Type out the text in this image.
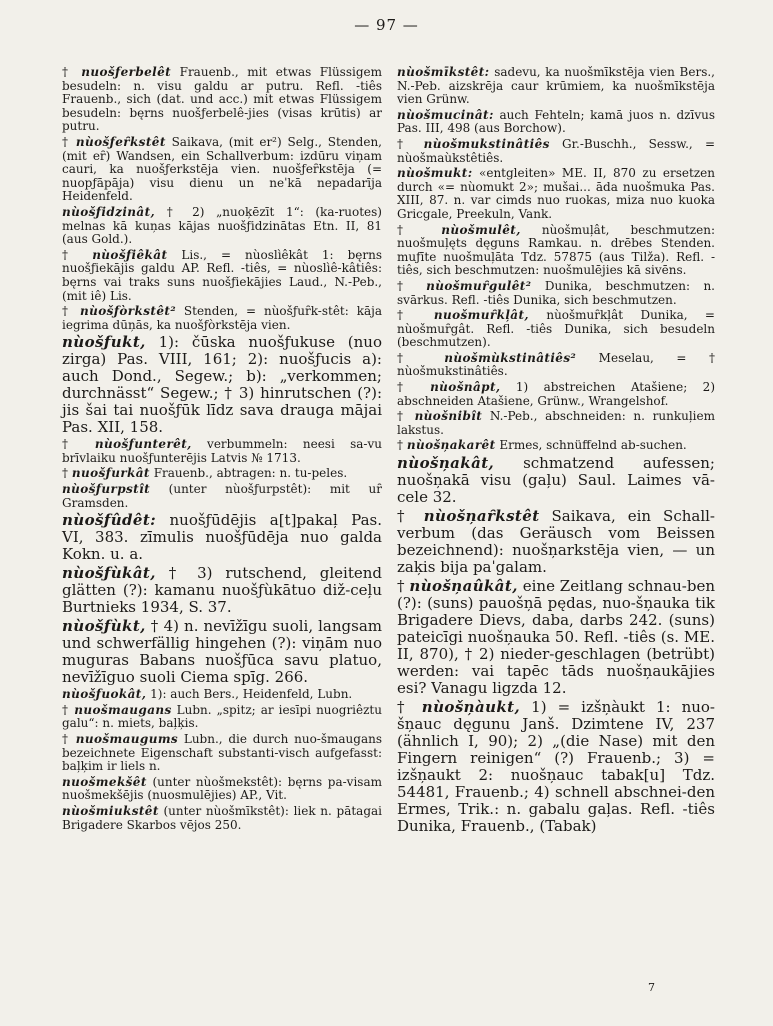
— 97 —

† nuošƒerbelêt Frauenb., mit etwas Flüssigem besudeln: n. visu galdu ar putru. Refl. -tiês Frauenb., sich (dat. und acc.) mit etwas Flüssigem besudeln: bęrns nuošƒerbelê-jies (visas krūtis) ar putru.

† nùošƒeȓkstêt Saikava, (mit er²) Selg., Stenden, (mit eȓ) Wandsen, ein Schallverbum: izdūru viņam cauri, ka nuošƒerkstēja vien. nuošƒeȓkstēja (= nuopƒāpāja) visu dienu un neˈkā nepadarīja Heidenfeld.

nùošƒidzinât, † 2) „nuoķēzīt 1“: (ka-ruotes) melnas kā kuņas kājas nuošƒidzinātas Etn. II, 81 (aus Gold.).

† nùošƒiêkât Lis., = nùoslìêkât 1: bęrns nuošƒiekājis galdu AP. Refl. -tiês, = nùoslìê-kâtiês: bęrns vai traks suns nuošƒiekājies Laud., N.-Peb., (mit iê) Lis.

† nùošƒòrkstêt² Stenden, = nùošƒuȓk-stêt: kāja iegrima dūņās, ka nuošƒòrkstēja vien.

nùošƒukt, 1): čūska nuošƒukuse (nuo zirga) Pas. VIII, 161; 2): nuošƒucis a): auch Dond., Segew.; b): „verkommen; durchnässt“ Segew.; † 3) hinrutschen (?): jis šai tai nuošƒūk līdz sava drauga mājai Pas. XII, 158.

† nùošƒunterêt, verbummeln: neesi sa-vu brīvlaiku nuošƒunterējis Latvis № 1713.

† nuošƒurkât Frauenb., abtragen: n. tu-peles.

nùošƒurpstît (unter nùošƒurpstêt): mit uȓ Gramsden.

nùošƒûdêt: nuošƒūdējis a[t]pakaļ Pas. VI, 383. zīmulis nuošƒūdēja nuo galda Kokn. u. a.

nùošƒùkât, † 3) rutschend, gleitend glätten (?): kamanu nuošƒùkātuo diž-ceļu Burtnieks 1934, S. 37.

nùošƒùkt, † 4) n. nevīžīgu suoli, langsam und schwerfällig hingehen (?): viņām nuo muguras Babans nuošƒūca savu platuo, nevīžīguo suoli Ciema spīg. 266.

nùošƒuokât, 1): auch Bers., Heidenfeld, Lubn.

† nuošmaugans Lubn. „spitz; ar iesīpi nuogriêztu galu“: n. miets, baļķis.

† nuošmaugums Lubn., die durch nuo-šmaugans bezeichnete Eigenschaft substanti-visch aufgefasst: baļķim ir liels n.

nuošmekšêt (unter nùošmekstêt): bęrns pa-visam nuošmekšējis (nuosmulējies) AP., Vit.

nùošmiukstêt (unter nùošmīkstêt): liek n. pātagai Brigadere Skarbos vējos 250.

nùošmīkstêt: sadevu, ka nuošmīkstēja vien Bers., N.-Peb. aizskrēja caur krūmiem, ka nuošmīkstēja vien Grünw.

nùošmucinât: auch Fehteln; kamā juos n. dzīvus Pas. III, 498 (aus Borchow).

† nùošmukstinâtiês Gr.-Buschh., Sessw., = nùošmaùkstêtiês.

nùošmukt: «entgleiten» ME. II, 870 zu ersetzen durch «= nùomukt 2»; mušai... āda nuošmuka Pas. XIII, 87. n. var cimds nuo ruokas, miza nuo kuoka Gricgale, Preekuln, Vank.

† nùošmulêt, nùošmuļât, beschmutzen: nuošmuļęts dęguns Ramkau. n. drēbes Stenden. muƒīte nuošmuļāta Tdz. 57875 (aus Tilža). Refl. -tiês, sich beschmutzen: nuošmulējies kā sivēns.

† nùošmuȓgulêt² Dunika, beschmutzen: n. svārkus. Refl. -tiês Dunika, sich beschmutzen.

† nuošmuȓkļât, nùošmuȓkļât Dunika, = nùošmuȓgât. Refl. -tiês Dunika, sich besudeln (beschmutzen).

† nùošmùkstinâtiês² Meselau, = † nùošmukstinâtiês.

† nùošnâpt, 1) abstreichen Atašiene; 2) abschneiden Atašiene, Grünw., Wrangelshof.

† nùošnibît N.-Peb., abschneiden: n. runkuļiem lakstus.

† nùošņakarêt Ermes, schnüffelnd ab-suchen.

nùošņakât, schmatzend aufessen; nuošņakā visu (gaļu) Saul. Laimes vā-cele 32.

† nùošņaȓkstêt Saikava, ein Schall-verbum (das Geräusch vom Beissen bezeichnend): nuošņarkstēja vien, — un zaķis bija paˈgalam.

† nùošņaûkât, eine Zeitlang schnau-ben (?): (suns) pauošņā pędas, nuo-šņauka tik Brigadere Dievs, daba, darbs 242. (suns) pateicīgi nuošņauka 50. Refl. -tiês (s. ME. II, 870), † 2) nieder-geschlagen (betrübt) werden: vai tapēc tāds nuošņaukājies esi? Vanagu ligzda 12.

† nùošņàukt, 1) = izšņàukt 1: nuo-šņauc dęgunu Janš. Dzimtene IV, 237 (ähnlich I, 90); 2) „(die Nase) mit den Fingern reinigen“ (?) Frauenb.; 3) = izšņaukt 2: nuošņauc tabak[u] Tdz. 54481, Frauenb.; 4) schnell abschnei-den Ermes, Trik.: n. gabalu gaļas. Refl. -tiês Dunika, Frauenb., (Tabak)

7
